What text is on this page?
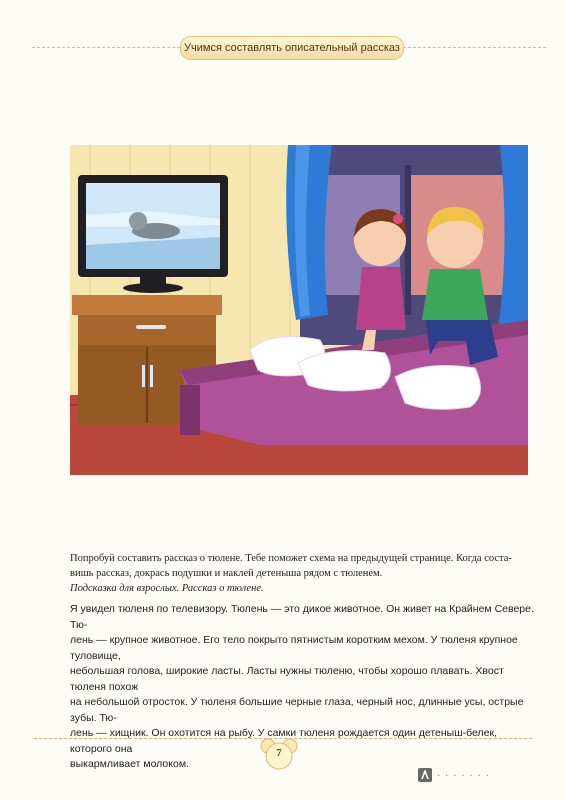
Учимся составлять описательный рассказ

Попробуй составить рассказ о тюлене. Тебе поможет схема на предыдущей странице. Когда соста-

вишь рассказ, докрась подушки и наклей детеныша рядом с тюленем.

Подсказка для взрослых. Рассказ о тюлене.

Я увидел тюленя по телевизору. Тюлень — это дикое животное. Он живет на Крайнем Севере. Тю-

лень — крупное животное. Его тело покрыто пятнистым коротким мехом. У тюленя крупное туловище,

небольшая голова, широкие ласты. Ласты нужны тюленю, чтобы хорошо плавать. Хвост тюленя похож

на небольшой отросток. У тюленя большие черные глаза, черный нос, длинные усы, острые зубы. Тю-

лень — хищник. Он охотится на рыбу. У самки тюленя рождается один детеныш-белек, которого она

выкармливает молоком.

7
· · · · · · ·
